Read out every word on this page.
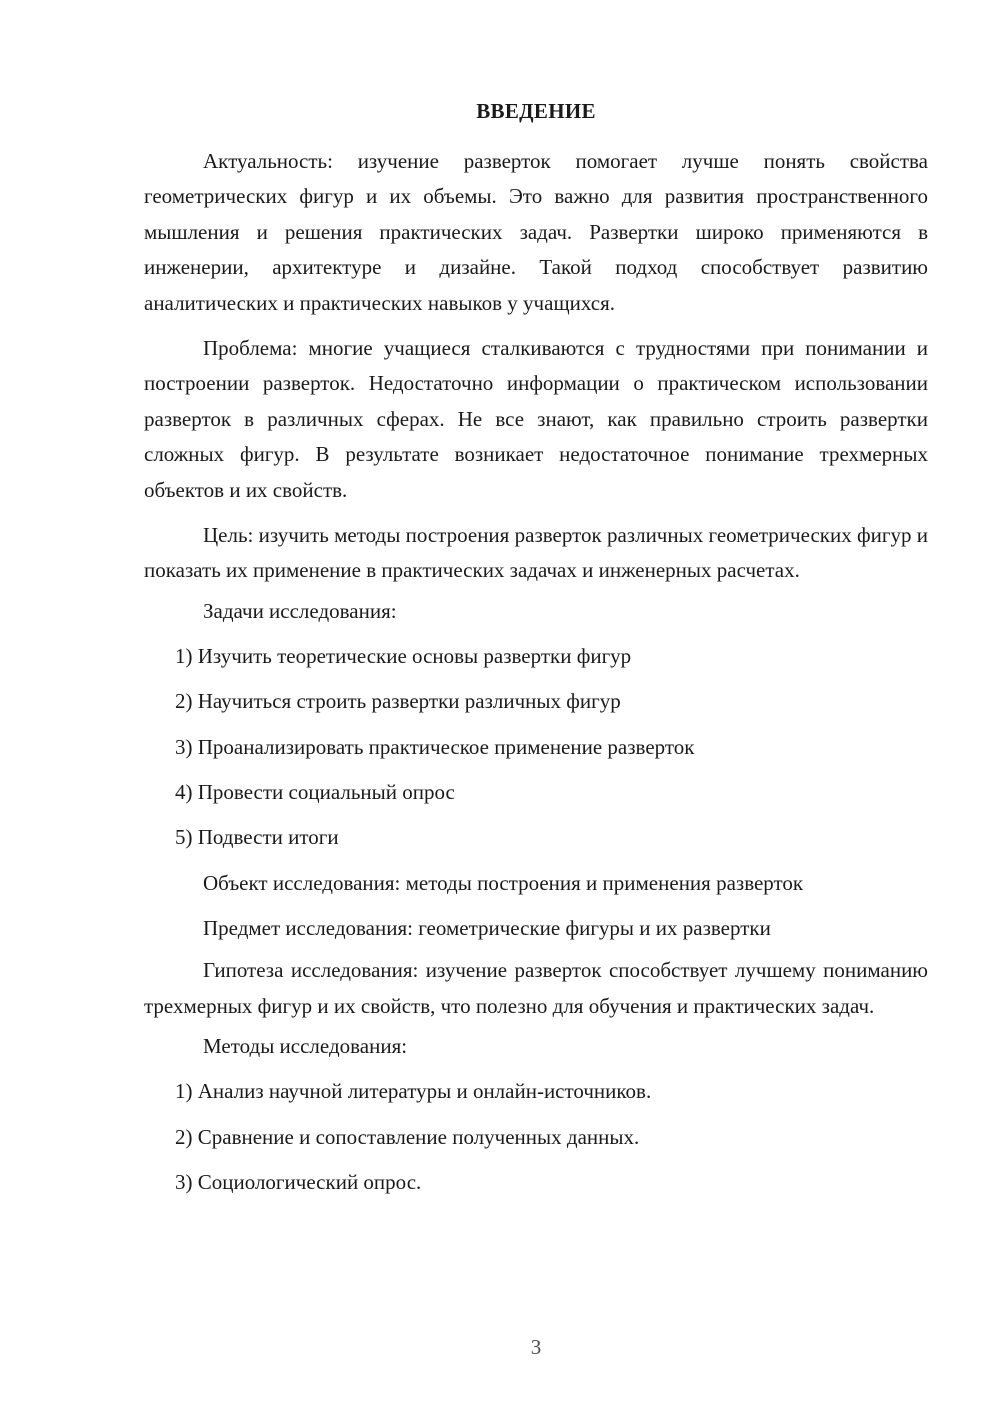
ВВЕДЕНИЕ

Актуальность: изучение разверток помогает лучше понять свойства геометрических фигур и их объемы. Это важно для развития пространственного мышления и решения практических задач. Развертки широко применяются в инженерии, архитектуре и дизайне. Такой подход способствует развитию аналитических и практических навыков у учащихся.

Проблема: многие учащиеся сталкиваются с трудностями при понимании и построении разверток. Недостаточно информации о практическом использовании разверток в различных сферах. Не все знают, как правильно строить развертки сложных фигур. В результате возникает недостаточное понимание трехмерных объектов и их свойств.

Цель: изучить методы построения разверток различных геометрических фигур и показать их применение в практических задачах и инженерных расчетах.

Задачи исследования:

1) Изучить теоретические основы развертки фигур

2) Научиться строить развертки различных фигур

3) Проанализировать практическое применение разверток

4) Провести социальный опрос

5) Подвести итоги

Объект исследования: методы построения и применения разверток

Предмет исследования: геометрические фигуры и их развертки

Гипотеза исследования: изучение разверток способствует лучшему пониманию трехмерных фигур и их свойств, что полезно для обучения и практических задач.

Методы исследования:

1) Анализ научной литературы и онлайн-источников.

2) Сравнение и сопоставление полученных данных.

3) Социологический опрос.

3
